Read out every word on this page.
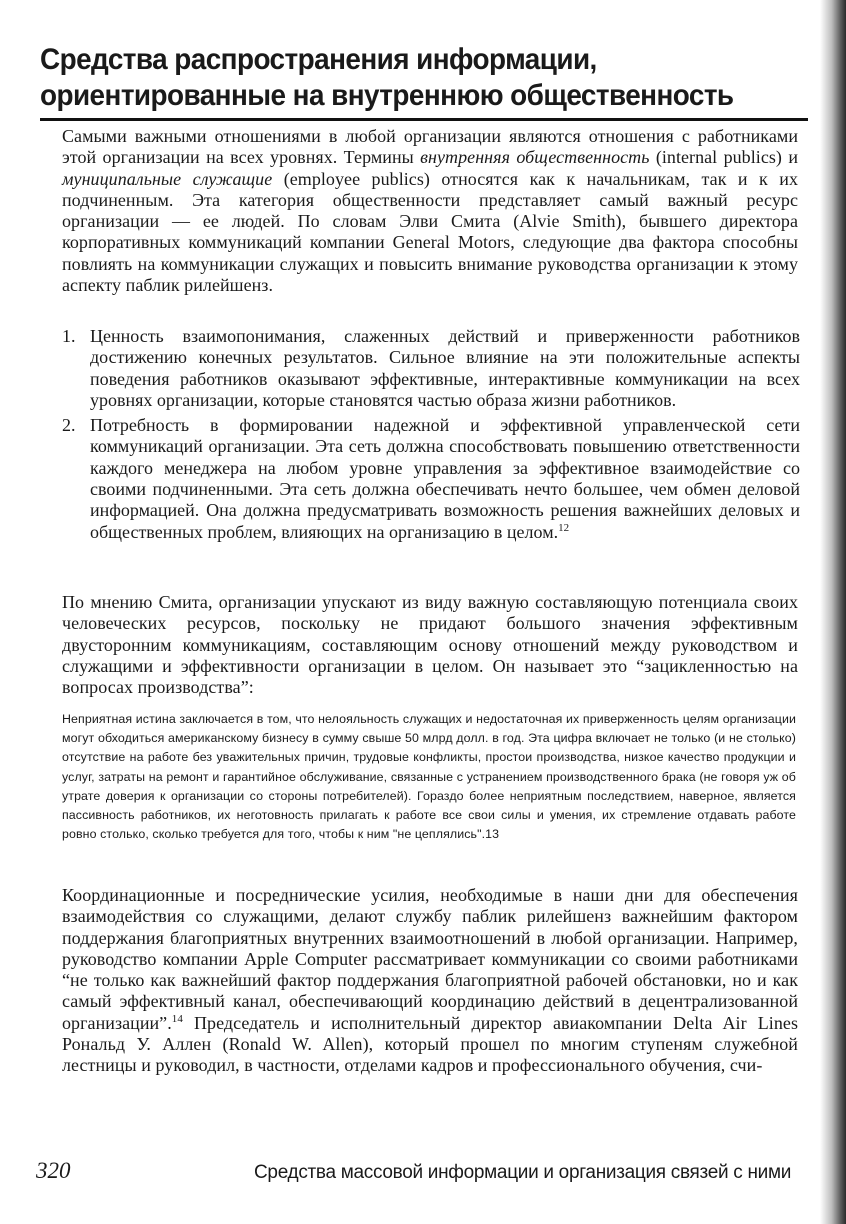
Средства распространения информации,
ориентированные на внутреннюю общественность
Самыми важными отношениями в любой организации являются отношения с работниками этой организации на всех уровнях. Термины внутренняя общественность (internal publics) и муниципальные служащие (employee publics) относятся как к начальникам, так и к их подчиненным. Эта категория общественности представляет самый важный ресурс организации — ее людей. По словам Элви Смита (Alvie Smith), бывшего директора корпоративных коммуникаций компании General Motors, следующие два фактора способны повлиять на коммуникации служащих и повысить внимание руководства организации к этому аспекту паблик рилейшенз.
1. Ценность взаимопонимания, слаженных действий и приверженности работников достижению конечных результатов. Сильное влияние на эти положительные аспекты поведения работников оказывают эффективные, интерактивные коммуникации на всех уровнях организации, которые становятся частью образа жизни работников.
2. Потребность в формировании надежной и эффективной управленческой сети коммуникаций организации. Эта сеть должна способствовать повышению ответственности каждого менеджера на любом уровне управления за эффективное взаимодействие со своими подчиненными. Эта сеть должна обеспечивать нечто большее, чем обмен деловой информацией. Она должна предусматривать возможность решения важнейших деловых и общественных проблем, влияющих на организацию в целом.$^{12}$
По мнению Смита, организации упускают из виду важную составляющую потенциала своих человеческих ресурсов, поскольку не придают большого значения эффективным двусторонним коммуникациям, составляющим основу отношений между руководством и служащими и эффективности организации в целом. Он называет это “зацикленностью на вопросах производства”:
Неприятная истина заключается в том, что нелояльность служащих и недостаточная их приверженность целям организации могут обходиться американскому бизнесу в сумму свыше 50 млрд долл. в год. Эта цифра включает не только (и не столько) отсутствие на работе без уважительных причин, трудовые конфликты, простои производства, низкое качество продукции и услуг, затраты на ремонт и гарантийное обслуживание, связанные с устранением производственного брака (не говоря уж об утрате доверия к организации со стороны потребителей). Гораздо более неприятным последствием, наверное, является пассивность работников, их неготовность прилагать к работе все свои силы и умения, их стремление отдавать работе ровно столько, сколько требуется для того, чтобы к ним "не цеплялись".13
Координационные и посреднические усилия, необходимые в наши дни для обеспечения взаимодействия со служащими, делают службу паблик рилейшенз важнейшим фактором поддержания благоприятных внутренних взаимоотношений в любой организации. Например, руководство компании Apple Computer рассматривает коммуникации со своими работниками “не только как важнейший фактор поддержания благоприятной рабочей обстановки, но и как самый эффективный канал, обеспечивающий координацию действий в децентрализованной организации”.$^{14}$ Председатель и исполнительный директор авиакомпании Delta Air Lines Рональд У. Аллен (Ronald W. Allen), который прошел по многим ступеням служебной лестницы и руководил, в частности, отделами кадров и профессионального обучения, счи-
320	Средства массовой информации и организация связей с ними
